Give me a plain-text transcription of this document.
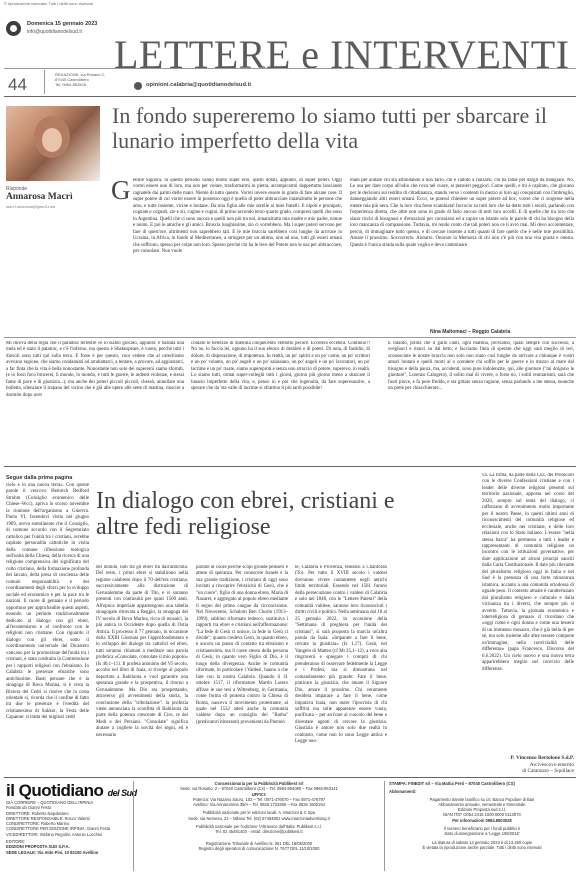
© riproduzione riservata. Tutti i diritti sono riservati
Domenica 15 gennaio 2023
info@quotidianodelsud.it LETTERE e INTERVENTI
44
REDAZIONE: via Rosario 2,
87040 Castrolibero
Tel. 0984-852828	opinioni.calabria@quotidianodelsud.it
Risponde
Annarosa Macrì
macrì.annarosa@gmail.com
In fondo supereremo lo siamo tutti per sbarcare il lunario imperfetto della vita
G entile Signora, in questo periodo vanno molto super eroi, quelli dotati, appunto, di super poteri. Oggi vorrei essere uno di loro, ma non per volare, trasformarmi in pietra, arrampicarmi dappertutto lanciando ragnatele dai palmi delle mani. Niente di tutto questo. Vorrei invece essere in grado di fare alcune cose. Il super potere di cui vorrei essere in possesso oggi è quello di poter abbracciare innanzitutto le persone che amo, e tutte insieme, vicine e lontane. Da mia figlia alle mie sorelle ai miei fratelli. E nipoti e pronipoti, cognate e cognati, zie e zii, cugine e cugini, di primo secondo terzo quarto grado, compresi quelli che sono in Argentina. Quelli che ci sono ancora e quelli non più tra noi, innanzitutto mia madre e mio padre, nonne e nonni. E poi le amiche e gli amici. Bruscia lunghissime, zio ci vorrebbero. Ma i super poteri servono per fare di quest'ore, altrimenti non saprebbero tali. E le mie braccia sarebbero così lunghe da arrivare in Ucraina, in Africa, in fondo al Mediterraneo, a stringere per un attimo, uno ad uno, tutti gli esseri umani che soffrono, spesso per colpe non loro. Spesso perché chi ha le leve del Potere non le usa per abbracciare, per consolare. Non vuole
mani per aiutare chi sta affondando a non farlo, chi è caduto a rialzarsi, chi ha fame per dargli da mangiare. No. Le usa per dare corpo all'odio che cova nel cuore, ai pensieri peggiori. Come quelli, e mi è capitato, che giocano per le decisioni sul reddito di cittadinanza, stando verso i contenti in mezzo ai loro agi conquistati con l'imbroglio, danneggiando altri esseri umani. Ecco, se potessi chiedere un super potere ad hoc, vorrei che ci sorgesse nella mente mia più nera. Che la loro vita fosse scambiata! Incrocio su tutti loro che ha detto tutti i secoli, parlando con l'esperienza diretta, che oltre non sono in grado di farlo ancora di tutti loro uccelli. E di quelle che tra loro che siano ricchi di bisognosi e d'emozioni per consolarsi ed a capire un istante solo le parole di chi ha bisogno della loro mancanza di compassione. Tuttavia, mi rendo conto che tali poteri non ce li avrò mai. Mi devo accontentare, perciò, di immaginare tutto questo, e di cercare insieme a tutti quanti di fare quello che è nelle mie possibilità. Amare il prossimo. Soccorrerlo. Aiutarlo. Onorare la Memoria di chi non c'è più con una vita giusta e onesta. Questa è l'unica strada sulla quale voglio e devo camminare.
Nina Maltomaci – Reggio Calabria
Mi diceva della regia che il paradiso terrestre ce lo siamo giocato, appunto: è bastata una mela ed è stato il patatrac, e c'è l'inferno, ma questo è Shakespeare, è vuoto, perché tutti i diavoli sono tutti qui sulla terra. E forse è per questo, vuoi vedere che al catechismo avevano ragione, che siamo condannati ad arrabattarci, a tentare, a provare, ad aggiustarci, a far finta che la vita è bella nonostante. Nonostante non solo dei supereroi siamo sforniti, (e io fossi foco brucerei, il mondo, lo mondo, e tutti le guerre, le ardenti violenze, e stessi fame di pace e di giustizia...), ma anche dei poteri piccoli piccoli, chessò, annullare una bolletta, silenziare il trapano del vicino che è già alle opere alle sette di mattina, riuscire a dormire dopo aver
contato le bellezze di duemila cinquecento ventotto pecore. Eccetera eccetera. Continuo?! No no, lo faccia lei, ognuno ha il suo elenco di desideri e di poteri. Di noia, di fastidio, di dolore, di disperazione, di impotenza. In realtà, un po' spiriti e un po' carne, un po' scrittori e un po' volamo, un po' angeli e un po' salassano, un po' angeli e un po' lavoratori, un po' lacrime e un po' risate, siamo supereproti e senza uno straccio di potere, superevo, in realtà. Lo siamo tutti, ormai super-colleghi tutti i giorni, giorno più giorno meno a sbarcare il lunario imperfetto della vita, e, penso io e poi che ingenuità, da fare superesaurire, a sperare che da 'sta valle di lacrime si sfrattino il più tardi possibile!
E intanto, prima che il gallo canti, ogni mattina, proviamo, quasi sempre con successo, a svegliarci e tirarci su dal letto, e facciamo finta di sperare che oggi sarà meglio di ieri, sconosciute le nostre braccia non solo non siano così lunghe da arrivare a chiunque è vostri amori lontani e quelli morti ai o scendere chi soffre per le guerre e in mezzo al mare dal bisogno e della paura, ma, accidenti, sono pure indolenzite, qui, alle giunture ("mi dolgono le giunture", Lorenzo Calogero), il solito mal di vivere, o forse no, i soliti reumatismi, sarà che fuori piove, e fa pure freddo, e sta gittato senza ragione, senza parlando a me stessa, neanche un prete per chiacchierare...
Segue dalla prima pagina
In dialogo con ebrei, cristiani e altre fedi religiose
cielo e in una nuova terra». Con queste parole il vescovo Heinrich Bedford Strohm (Consiglio ecumenico delle Chiese–Wcc), apriva lo scorso novembre la riunione dell'organismo a Ginevra. Paolo VI, facendovi visita nel giugno 1969, aveva sottolineato che il Consiglio, di comune accordo con il Segretariato cattolico per l'unità tra i cristiani, avrebbe capitato personalità cattoliche in visita della comune riflessione teologica sull'unità della Chiesa, della ricerca di una religione comprensiva dei significato del culto cristiano, della formazione profonda dei laicato, della presa di coscienza delle comuni responsabilità e dei coordinamenti degli sforzi per lo sviluppo sociale ed economico e per la pace tra le nazioni. Il cuore di gennaio è il periodo opportuno per approfondire questi aspetti, essendo un periodo tradizionalmente dedicato al dialogo con gli ebrei, all'ecumenismo e al confronto con le religioni non cristiane. Con riguardo il dialogo con gli ebrei, sotto il coordinamento universale del Dicastero vaticano per la promozione dell'unità tra i cristiani, è stata costituita la Commissione per i rapporti religiosi con l'ebraismo. In Calabria le presenze ebraiche sono antichissime. Basti pensare che è la sinagoga di Bova Marina, si è vista la Riviera dei Cedri si risolve che la costa orientale si, ricorda che il confine di fatto tra due le presenze è l'eredità del cristianesimo di Sukkot, la Festa delle Capanne: si tratta dei migliori cedri
del mondo, noti tra gli ebrei fin dall'antichità. Del resto, i primi ebrei si stabilirono nella regione calabrese dopo il 70 dell'era cristiana, successivamente alla distruzione di Gerusalemme da parte di Tito, e vi saranno presenti con continuità per quasi 1500 anni. All'epoca imperiale appartengono una tabella sinagogale ritrovata a Reggio, la sinagoga del IV secolo di Bova Marina, ricca di mosaici, la più antica in Occidente dopo quella di Ostia Antica. Il processo il 77 gennaio, in occasione della XXIII Giornata per l'approfondimento e lo sviluppo del dialogo tra cattolici ed ebrei, tutti saranno chiamati a meditare una parola profetica «Consolate, consolate il mio popolo» (Is 40,1–11). Il profeta anonimo del VI secolo, accolto nel libro di Isaia, si rivolge al popolo deportato a Babilonia e vuol garantire una speranza grande e la prospettiva, il ritorno a Gerusalemme. Ma Dio sta prospettando, attraverso gli avvenimenti della storia, la conclusione della "tribolazione". la profezia viene annunciata la sconfitta di Babilonia da parte della potenza crescente di Ciro, re dei Medi e dei Persiani. "Consolate" significa aiutare a cogliere la novità dei segni, ed è necessario
parlare al cuore perché scopi gronde pensieri e attese di speranza. Per conoscere Israele e la sua grande tradizione, i cristiani di oggi sono invitati a riscoprire l'ebraicità di Gesù, che è "un cuore", figlio di una donna ebrea, Maria di Nazaret, e aggregato al popolo ebreo mediante il segno del primo cangue da circoncisione. Nel Novecento, Schalom Ben Chorin (1913–1999), rabbino riformato tedesco, sostituiva i rapporti tra ebrei e cristiani nell'affermazione: "La fede di Gesù ci unisce, la fede in Gesù ci divide"; quanto credeva Gesù, in quanto ebreo, è ancora un punto di contatto tra ebraismo e cristianesimo, ma il cuore stesso della persona di Gesù, in quanto vero Figlio di Dio, è il luogo della divergenza. Anche le comunità riformate, in particolare i Valdesi, hanno a che fare con la nostra Calabria. Quando il 31 ottobre 1517, il riformatore Martin Lutero affisse le sue tesi a Wittenberg, in Germania, come forma di protesta contro la Chiesa di Roma, nasceva il movimento protestante, al quale nel 1532 aderì anche la comunità valdese dopo un consiglio dei "Barba" (predicatori itineranti) provenienti da Piemon
te, Calabria e Provenza, tenutosi a Chanforan (To). Per tutto il XVIII secolo i valdesi dovranno vivere cautamente negli antichi limiti territoriali. Essendo nel 1561 furono della persecuzione contro i valdesi di Calabria e solo nel 1848, con le "Lettere Patenti" della comunità valdese, saranno loro riconosciuti i diritti civili e politici. Nella settimana dal 18 al 25 gennaio 2022, in occasione della "Settimana di preghiera per l'unità dei cristiani", si sarà proposta la marcia un'altra parola da Isaia: «Imparate a fare il bene, cercate la giustizia» (Is 1,17). Gesù, nel Vangelo di Matteo (cf Mt 25,1–12), a voce alta ringraverà e spiegare i compiti di chi prenderanno di osservare fedelmente la Legge e i Profeti, ma si dimostrano nel comandamento più grande: Fare il bene, praticare la giustizia, che amare il Signore Dio, amare il prossimo. Chi veramente desidera imparare a fare il bene, come imparava Isaia, non nutre l'ipocrisia di chi soffrirà ma sulle apparenze essere vuota, purificata – per arrivare al cuocolo del bene e diventare agenti di cercare la giustizia. Giustizia è amore non solo due realtà in contrasto, come non lo sono Legge antica e Legge nuo-
va. La firma, da parte della CEI, dei Protocolli con le diverse Confessioni cristiane e con i leader delle diverse religioni presenti sul territorio nazionale, apposta nel corso del 2020, sempre sul tema del dialogo, ci rafforzano di avvenimento molto importante per il nostro Paese, in questi ultimi anni di riconoscimenti del comunità religiose ed ecclesiale, anche nei cristiane, e delle loro relazioni con lo Stato italiano. L'essere "nella stessa barca" ha permesso a tutti i leader e rappresentanti di comunità religiose un incontro con le istituzioni governative, per dare applicazione ad alcuni principi sanciti dalla Carta Costituzionale. Il dato più rilevante del pluralismo religioso oggi in Italia e nel Sud è la presenza di una forte minoranza islamica, accanto a una comunità ortodossa di uguale peso. Il contesto attuale è caratterizzato dal pluralismo religioso e culturale e dalla vicinanza tra i diversi, che sempre più si avverte. Tuttavia, la giornata ecumenica e interreligiosa di gennaio ci ricordano che «oggi come e ogni donna e come una tessera di un immenso mosaico, che è già bella di per sé, ma solo insieme alle altre tessere compone un'immagine, nella convivialità delle differenze» (papa Francesco, Discorso del 6.6.2022). Un cielo nuovo e una nuova terra apparirebbero meglio nel convivio delle differenze.
P. Vincenzo Bertolone S.d.P.
Arcivescovo emerito
di Catanzaro – Squillace
il Quotidiano del Sud
GIÀ CORRIERE – QUOTIDIANO DELL'IRPINIA
Fondato da Gianni Festa
DIRETTORE: Roberto Napoletano
DIRETTORE RESPONSABILE: Rocco Valenti
CONDIRETTORE: Roberto Marino
CONDIRETTORE PER EDIZIONE IRPINIA: Gianni Festa
VICEDIRETTORI: Stefano Regolini, Antonio Lucchini
EDITORE:
EDIZIONI PROPOSTA SUD S.P.A.
SEDE LEGALE: Via Aldo Pini, 10 83100 Avellino
Concessionaria per la Pubblicità Publikest srl
Sede: via Rosario, 2 – 87040 Castrolibero (Cs) – Tel. 0984-854080 – Fax 0984-853141
UFFICI:
Potenza: Via Nazario Sauro, 102 – Tel. 0971-476670 – Fax 0971-476797
Avellino: Via Annarumma 39/A – Tel. 0825 1733266 – Fax 0825 1800154
Pubblicità nazionale per le edizioni locali: A. Manzoni & C Spa
Sede: via Nervesa, 21 – Milano Tel. (02) 57494802 www.manzoniadvertising.it
Pubblicità nazionale per l'edizione l'Altravoce dell'Italia: Publikest s.r.l.
Tel. 02 45481403 · email: direzione@publikest.it
Registrazione Tribunale di Avellino N. 361 DEL 18/05/2000
Registro degli operatori di comunicazione N. 7677 DEL 11/10/2000
STAMPA: FINEDIT srl – Via Mattia Preti – 87040 Castrolibero (CS)
Abbonamenti:
Pagamento tramite bonifico su c/c Banca Popolare di Bari
Abbonamento annuale, semestrale e trimestrale
Edizioni Proposta sud s.r.l.
IBAN IT67 O054 2415 1000 0000 0113070
Per informazioni 0984.8503028
Il numero beneficiario per i fondi pubblici è
stato di assegnazione a 'Legge 198/2016'
La tiratura di sabato 14 gennaio 2023 è di 13.450 copie
È vietata la riproduzione anche parziale. Tutti i diritti sono riservati
